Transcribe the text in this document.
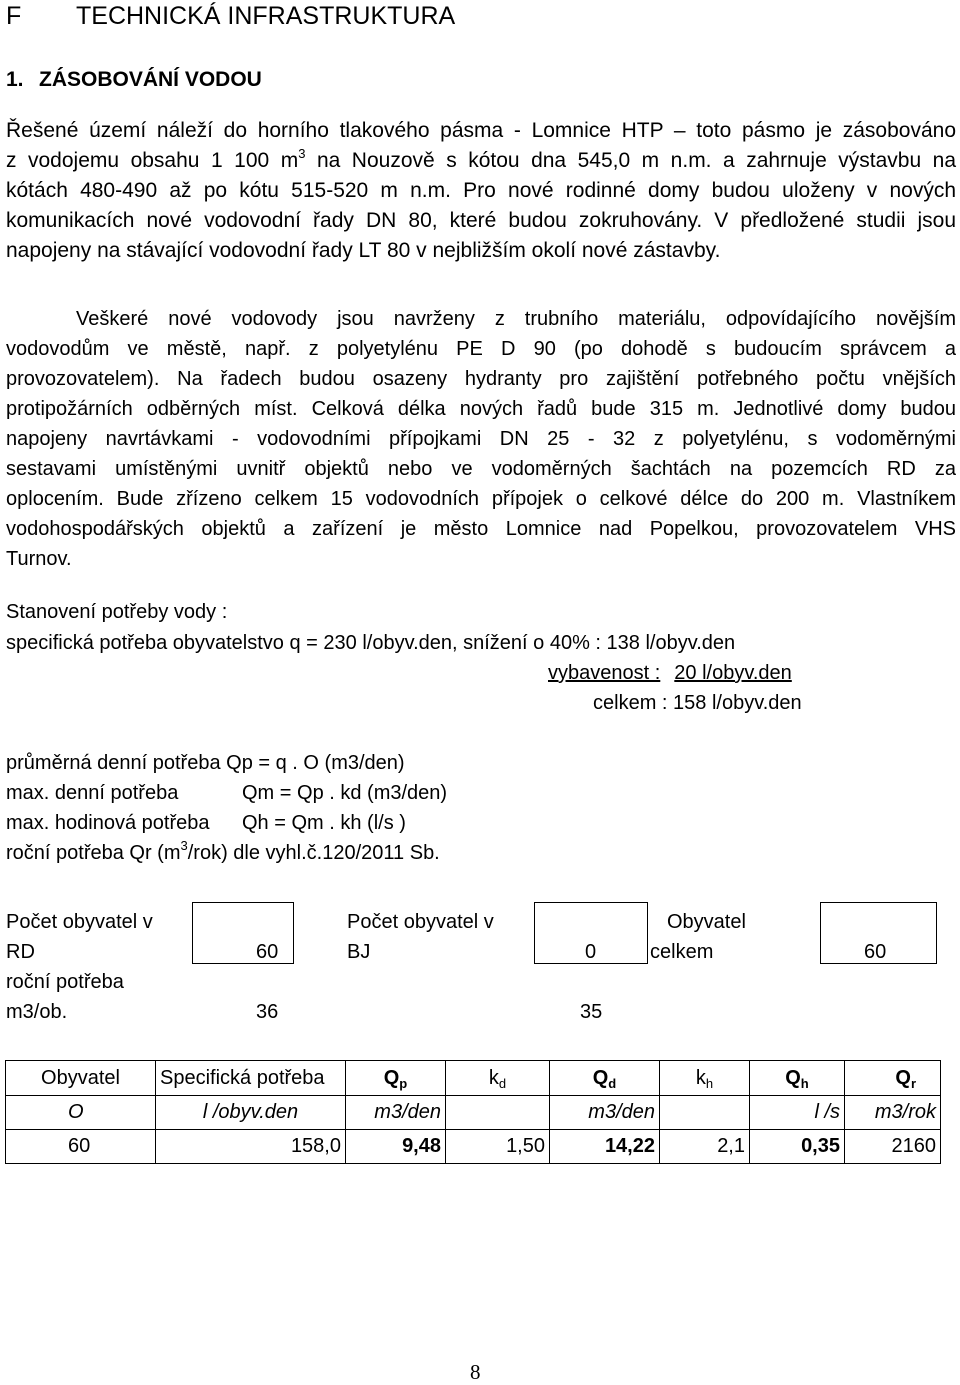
F TECHNICKÁ INFRASTRUKTURA
1. ZÁSOBOVÁNÍ VODOU
Řešené území náleží do horního tlakového pásma - Lomnice HTP – toto pásmo je zásobováno
z vodojemu obsahu 1 100 $m^3$ na Nouzově s kótou dna 545,0 m n.m. a zahrnuje výstavbu na
kótách 480-490 až po kótu 515-520 m n.m. Pro nové rodinné domy budou uloženy v nových
komunikacích nové vodovodní řady DN 80, které budou zokruhovány. V předložené studii jsou
napojeny na stávající vodovodní řady LT 80 v nejbližším okolí nové zástavby.
Veškeré nové vodovody jsou navrženy z trubního materiálu, odpovídajícího novějším
vodovodům ve městě, např. z polyetylénu PE D 90 (po dohodě s budoucím správcem a
provozovatelem). Na řadech budou osazeny hydranty pro zajištění potřebného počtu vnějších
protipožárních odběrných míst. Celková délka nových řadů bude 315 m. Jednotlivé domy budou
napojeny navrtávkami - vodovodními přípojkami DN 25 - 32 z polyetylénu, s vodoměrnými
sestavami umístěnými uvnitř objektů nebo ve vodoměrných šachtách na pozemcích RD za
oplocením. Bude zřízeno celkem 15 vodovodních přípojek o celkové délce do 200 m. Vlastníkem
vodohospodářských objektů a zařízení je město Lomnice nad Popelkou, provozovatelem VHS
Turnov.
Stanovení potřeby vody :
specifická potřeba obyvatelstvo q = 230 l/obyv.den, snížení o 40% : 138 l/obyv.den
vybavenost : 20 l/obyv.den
celkem : 158 l/obyv.den
průměrná denní potřeba Qp = q . O (m3/den)
max. denní potřeba	Qm = Qp . kd (m3/den)
max. hodinová potřeba Qh = Qm . kh (l/s )
roční potřeba Qr $(m^3/rok)$ dle vyhl.č.120/2011 Sb.
Počet obyvatel v
RD	60
Počet obyvatel v
BJ	0
Obyvatel
celkem	60
roční potřeba
m3/ob.	36	35
Obyvatel	Specifická potřeba	$Q_p$	$k_d$	$Q_d$	$k_h$	$Q_h$	$Q_r$
O	l /obyv.den	m3/den		m3/den		l /s	m3/rok
60	158,0	9,48	1,50	14,22	2,1	0,35	2160
8
